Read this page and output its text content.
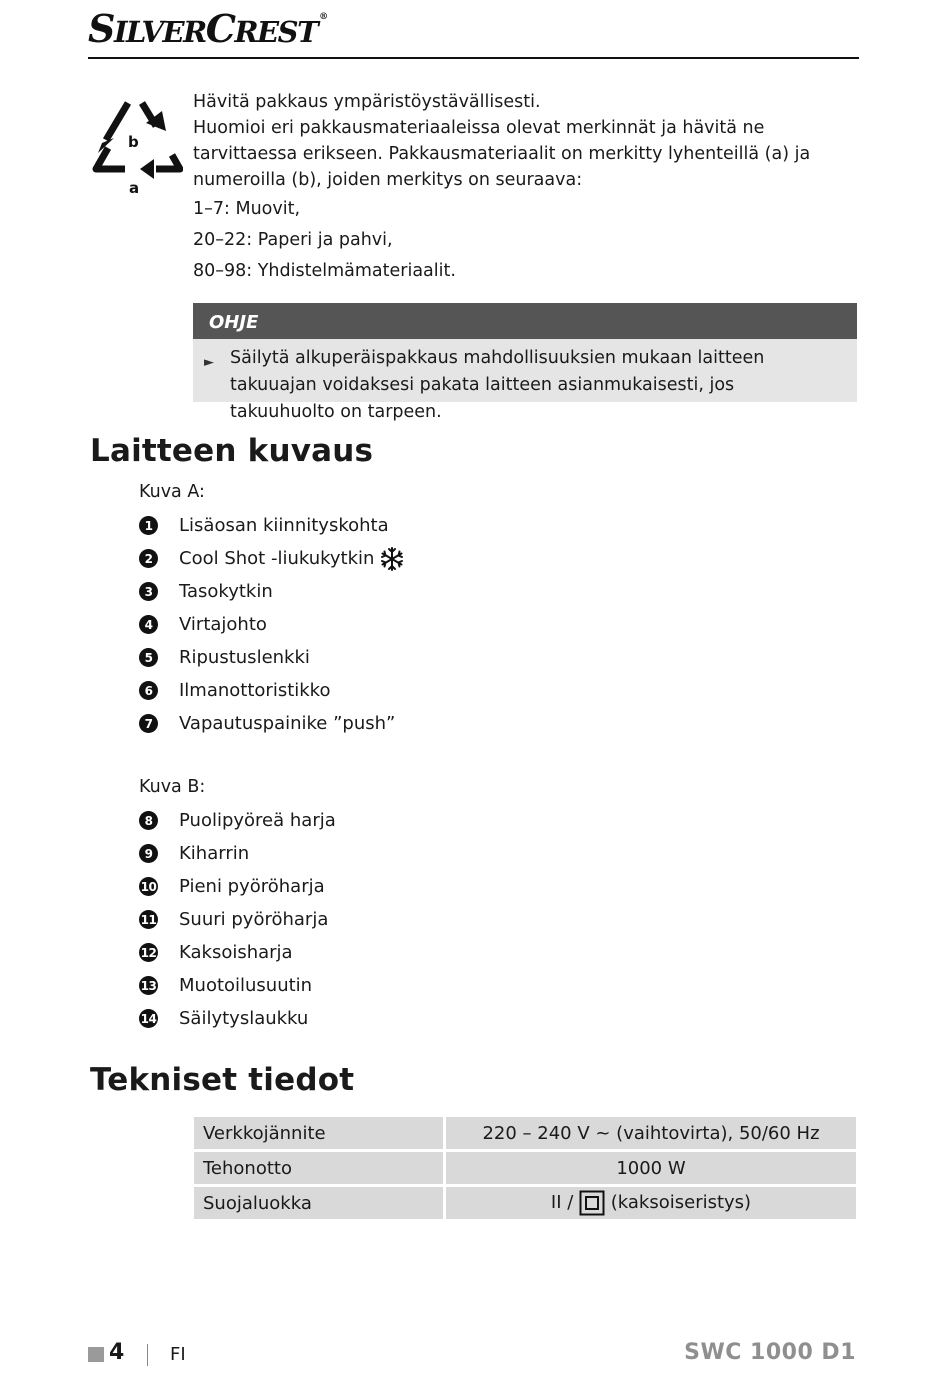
SILVERCREST ®
b
a

Hävitä pakkaus ympäristöystävällisesti.

Huomioi eri pakkausmateriaaleissa olevat merkinnät ja hävitä ne tarvittaessa erikseen. Pakkausmateriaalit on merkitty lyhenteillä (a) ja numeroilla (b), joiden merkitys on seuraava:

1–7: Muovit,

20–22: Paperi ja pahvi,

80–98: Yhdistelmämateriaalit.

OHJE
► Säilytä alkuperäispakkaus mahdollisuuksien mukaan laitteen takuuajan voidaksesi pakata laitteen asianmukaisesti, jos takuuhuolto on tarpeen.
Laitteen kuvaus
Kuva A:
1	Lisäosan kiinnityskohta
2	Cool Shot -liukukytkin
3	Tasokytkin
4	Virtajohto
5	Ripustuslenkki
6	Ilmanottoristikko
7	Vapautuspainike ”push”
Kuva B:
8	Puolipyöreä harja
9	Kiharrin
10 Pieni pyöröharja
11 Suuri pyöröharja
12 Kaksoisharja
13 Muotoilusuutin
14 Säilytyslaukku
Tekniset tiedot
Verkkojännite	220 – 240 V ~ (vaihtovirta), 50/60 Hz
Tehonotto	1000 W
Suojaluokka	II / (kaksoiseristys)
4	FI	SWC 1000 D1
